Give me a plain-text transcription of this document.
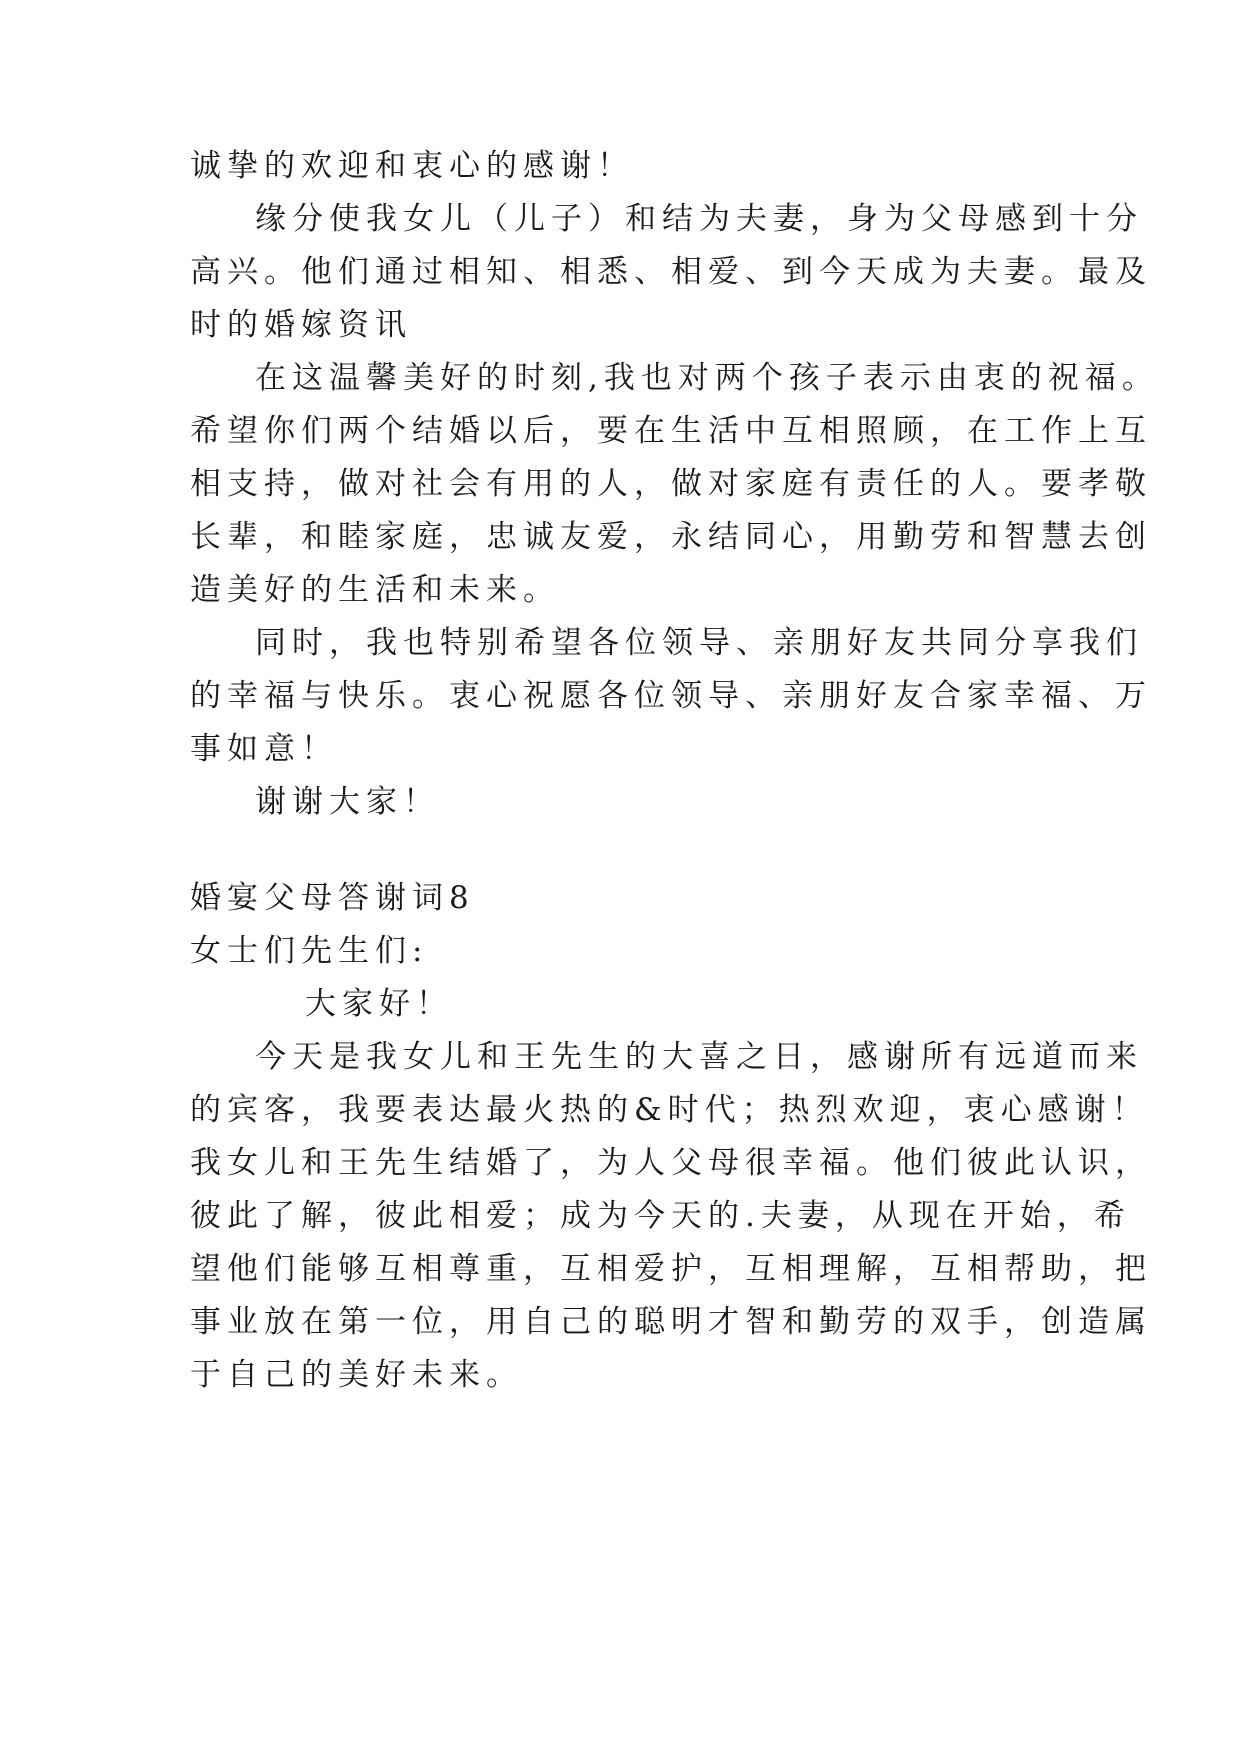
诚挚的欢迎和衷心的感谢！
缘分使我女儿（儿子）和结为夫妻，身为父母感到十分
高兴。他们通过相知、相悉、相爱、到今天成为夫妻。最及
时的婚嫁资讯
在这温馨美好的时刻,我也对两个孩子表示由衷的祝福。
希望你们两个结婚以后，要在生活中互相照顾，在工作上互
相支持，做对社会有用的人，做对家庭有责任的人。要孝敬
长辈，和睦家庭，忠诚友爱，永结同心，用勤劳和智慧去创
造美好的生活和未来。
同时，我也特别希望各位领导、亲朋好友共同分享我们
的幸福与快乐。衷心祝愿各位领导、亲朋好友合家幸福、万
事如意！
谢谢大家！
婚宴父母答谢词8
女士们先生们:
大家好！
今天是我女儿和王先生的大喜之日，感谢所有远道而来
的宾客，我要表达最火热的&时代；热烈欢迎，衷心感谢！
我女儿和王先生结婚了，为人父母很幸福。他们彼此认识，
彼此了解，彼此相爱；成为今天的.夫妻，从现在开始，希
望他们能够互相尊重，互相爱护，互相理解，互相帮助，把
事业放在第一位，用自己的聪明才智和勤劳的双手，创造属
于自己的美好未来。
